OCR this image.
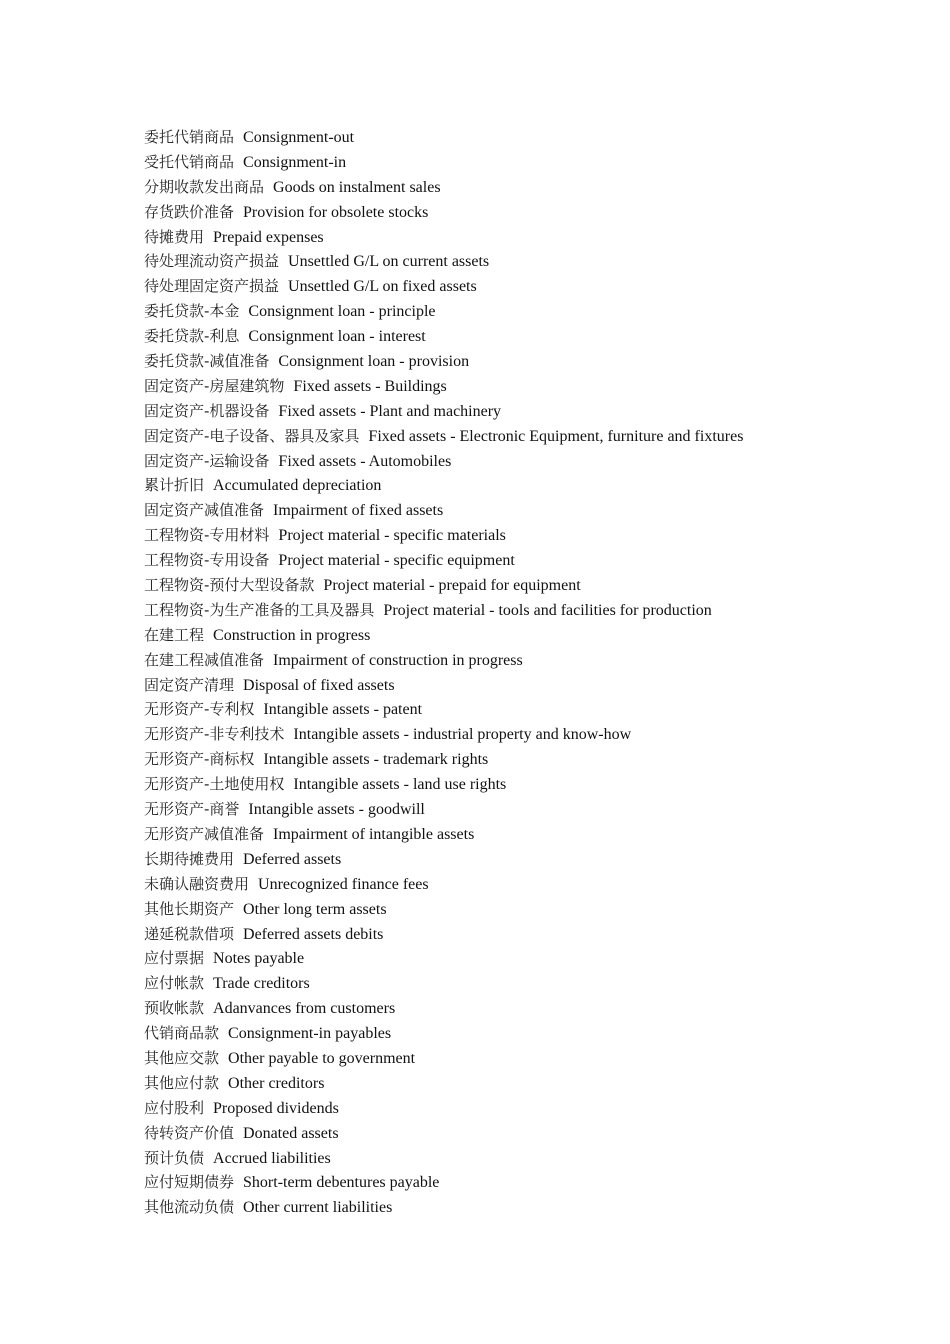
委托代销商品 Consignment-out
受托代销商品 Consignment-in
分期收款发出商品 Goods on instalment sales
存货跌价准备 Provision for obsolete stocks
待摊费用 Prepaid expenses
待处理流动资产损益 Unsettled G/L on current assets
待处理固定资产损益 Unsettled G/L on fixed assets
委托贷款-本金 Consignment loan - principle
委托贷款-利息 Consignment loan - interest
委托贷款-减值准备 Consignment loan - provision
固定资产-房屋建筑物 Fixed assets - Buildings
固定资产-机器设备 Fixed assets - Plant and machinery
固定资产-电子设备、器具及家具 Fixed assets - Electronic Equipment, furniture and fixtures
固定资产-运输设备 Fixed assets - Automobiles
累计折旧 Accumulated depreciation
固定资产减值准备 Impairment of fixed assets
工程物资-专用材料 Project material - specific materials
工程物资-专用设备 Project material - specific equipment
工程物资-预付大型设备款 Project material - prepaid for equipment
工程物资-为生产准备的工具及器具 Project material - tools and facilities for production
在建工程 Construction in progress
在建工程减值准备 Impairment of construction in progress
固定资产清理 Disposal of fixed assets
无形资产-专利权 Intangible assets - patent
无形资产-非专利技术 Intangible assets - industrial property and know-how
无形资产-商标权 Intangible assets - trademark rights
无形资产-土地使用权 Intangible assets - land use rights
无形资产-商誉 Intangible assets - goodwill
无形资产减值准备 Impairment of intangible assets
长期待摊费用 Deferred assets
未确认融资费用 Unrecognized finance fees
其他长期资产 Other long term assets
递延税款借项 Deferred assets debits
应付票据 Notes payable
应付帐款 Trade creditors
预收帐款 Adanvances from customers
代销商品款 Consignment-in payables
其他应交款 Other payable to government
其他应付款 Other creditors
应付股利 Proposed dividends
待转资产价值 Donated assets
预计负债 Accrued liabilities
应付短期债券 Short-term debentures payable
其他流动负债 Other current liabilities
